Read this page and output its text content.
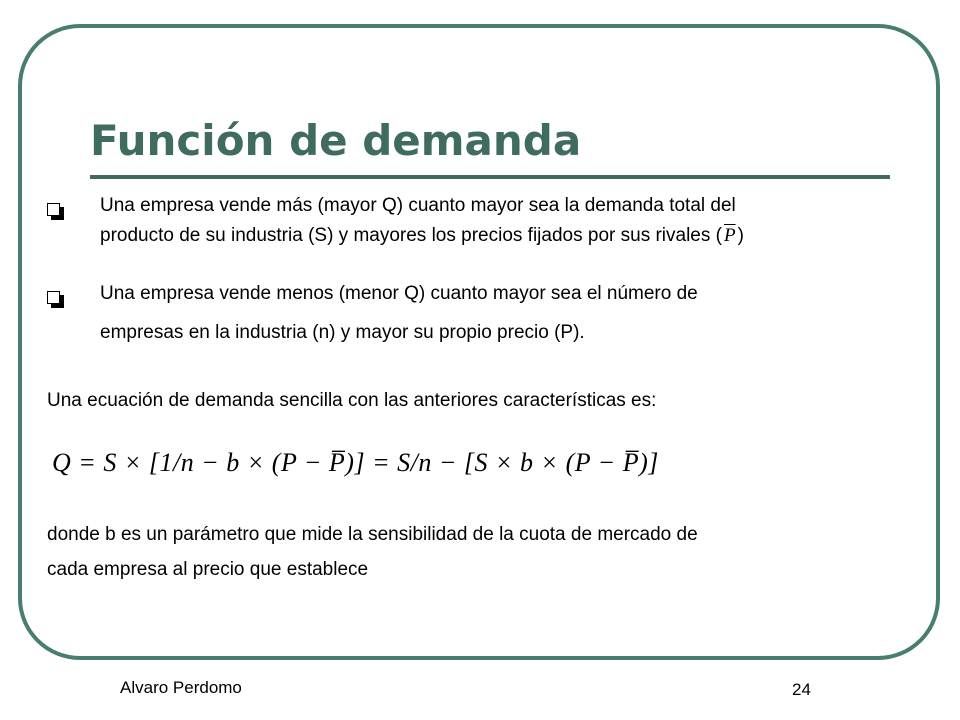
Función de demanda
Una empresa vende más (mayor Q) cuanto mayor sea la demanda total del
producto de su industria (S) y mayores los precios fijados por sus rivales ( $\overline{P}$ )
Una empresa vende menos (menor Q) cuanto mayor sea el número de
empresas en la industria (n) y mayor su propio precio (P).
Una ecuación de demanda sencilla con las anteriores características es:
Q = S × [1/n − b × (P − P̅)] = S/n − [S × b × (P − P̅)]
donde b es un parámetro que mide la sensibilidad de la cuota de mercado de
cada empresa al precio que establece
Alvaro Perdomo	24
